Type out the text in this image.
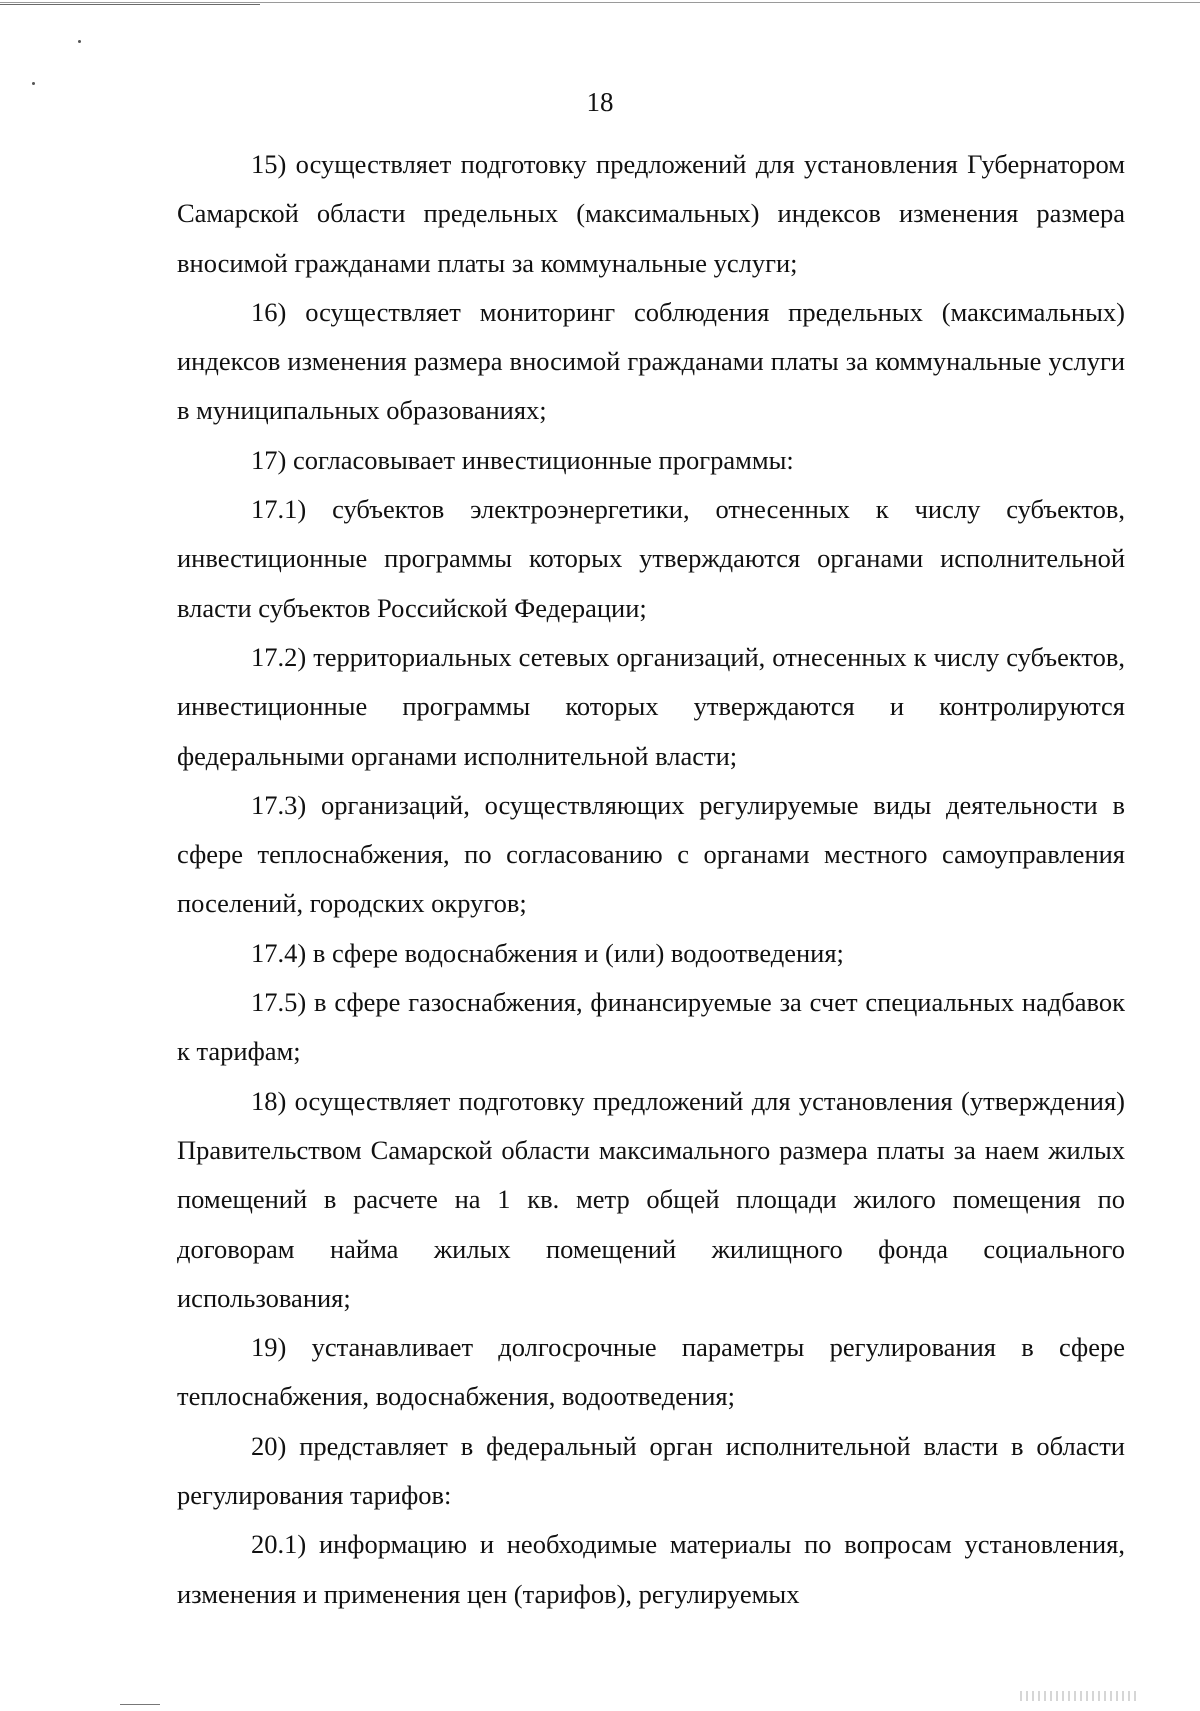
18

15) осуществляет подготовку предложений для установления Губернатором Самарской области предельных (максимальных) индексов изменения размера вносимой гражданами платы за коммунальные услуги;

16) осуществляет мониторинг соблюдения предельных (максимальных) индексов изменения размера вносимой гражданами платы за коммунальные услуги в муниципальных образованиях;

17) согласовывает инвестиционные программы:

17.1) субъектов электроэнергетики, отнесенных к числу субъектов, инвестиционные программы которых утверждаются органами исполнительной власти субъектов Российской Федерации;

17.2) территориальных сетевых организаций, отнесенных к числу субъектов, инвестиционные программы которых утверждаются и контролируются федеральными органами исполнительной власти;

17.3) организаций, осуществляющих регулируемые виды деятельности в сфере теплоснабжения, по согласованию с органами местного самоуправления поселений, городских округов;

17.4) в сфере водоснабжения и (или) водоотведения;

17.5) в сфере газоснабжения, финансируемые за счет специальных надбавок к тарифам;

18) осуществляет подготовку предложений для установления (утверждения) Правительством Самарской области максимального размера платы за наем жилых помещений в расчете на 1 кв. метр общей площади жилого помещения по договорам найма жилых помещений жилищного фонда социального использования;

19) устанавливает долгосрочные параметры регулирования в сфере теплоснабжения, водоснабжения, водоотведения;

20) представляет в федеральный орган исполнительной власти в области регулирования тарифов:

20.1) информацию и необходимые материалы по вопросам установления, изменения и применения цен (тарифов), регулируемых
